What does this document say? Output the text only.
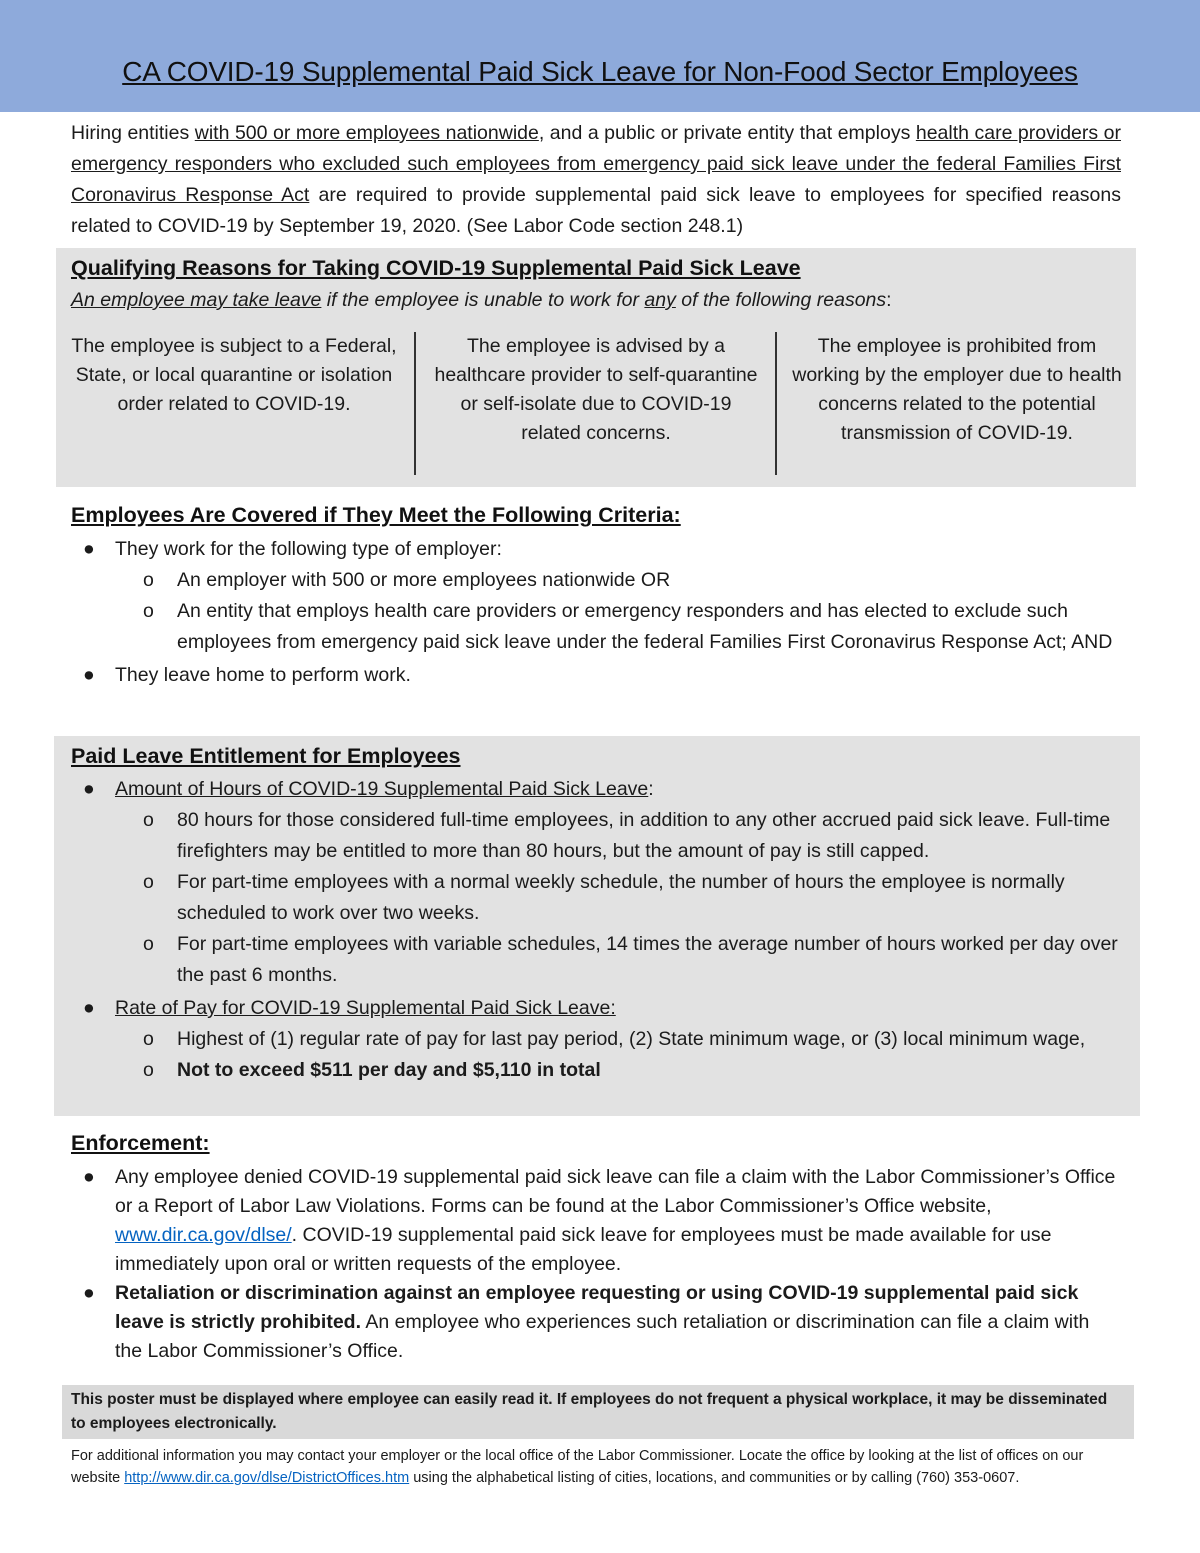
CA COVID-19 Supplemental Paid Sick Leave for Non-Food Sector Employees

Hiring entities with 500 or more employees nationwide, and a public or private entity that employs health care providers or emergency responders who excluded such employees from emergency paid sick leave under the federal Families First Coronavirus Response Act are required to provide supplemental paid sick leave to employees for specified reasons related to COVID-19 by September 19, 2020. (See Labor Code section 248.1)

Qualifying Reasons for Taking COVID-19 Supplemental Paid Sick Leave

An employee may take leave if the employee is unable to work for any of the following reasons:

The employee is subject to a Federal, State, or local quarantine or isolation order related to COVID-19.

The employee is advised by a healthcare provider to self-quarantine or self-isolate due to COVID-19 related concerns.

The employee is prohibited from working by the employer due to health concerns related to the potential transmission of COVID-19.

Employees Are Covered if They Meet the Following Criteria:
● They work for the following type of employer:
o An employer with 500 or more employees nationwide OR
o An entity that employs health care providers or emergency responders and has elected to exclude such employees from emergency paid sick leave under the federal Families First Coronavirus Response Act; AND
● They leave home to perform work.
Paid Leave Entitlement for Employees
● Amount of Hours of COVID-19 Supplemental Paid Sick Leave:
o 80 hours for those considered full-time employees, in addition to any other accrued paid sick leave. Full-time firefighters may be entitled to more than 80 hours, but the amount of pay is still capped.
o For part-time employees with a normal weekly schedule, the number of hours the employee is normally scheduled to work over two weeks.
o For part-time employees with variable schedules, 14 times the average number of hours worked per day over the past 6 months.
● Rate of Pay for COVID-19 Supplemental Paid Sick Leave:
o Highest of (1) regular rate of pay for last pay period, (2) State minimum wage, or (3) local minimum wage,
o Not to exceed $511 per day and $5,110 in total
Enforcement:
● Any employee denied COVID-19 supplemental paid sick leave can file a claim with the Labor Commissioner’s Office or a Report of Labor Law Violations. Forms can be found at the Labor Commissioner’s Office website, www.dir.ca.gov/dlse/. COVID-19 supplemental paid sick leave for employees must be made available for use immediately upon oral or written requests of the employee.
● Retaliation or discrimination against an employee requesting or using COVID-19 supplemental paid sick leave is strictly prohibited. An employee who experiences such retaliation or discrimination can file a claim with the Labor Commissioner’s Office.

This poster must be displayed where employee can easily read it. If employees do not frequent a physical workplace, it may be disseminated to employees electronically.

For additional information you may contact your employer or the local office of the Labor Commissioner. Locate the office by looking at the list of offices on our website http://www.dir.ca.gov/dlse/DistrictOffices.htm using the alphabetical listing of cities, locations, and communities or by calling (760) 353-0607.
